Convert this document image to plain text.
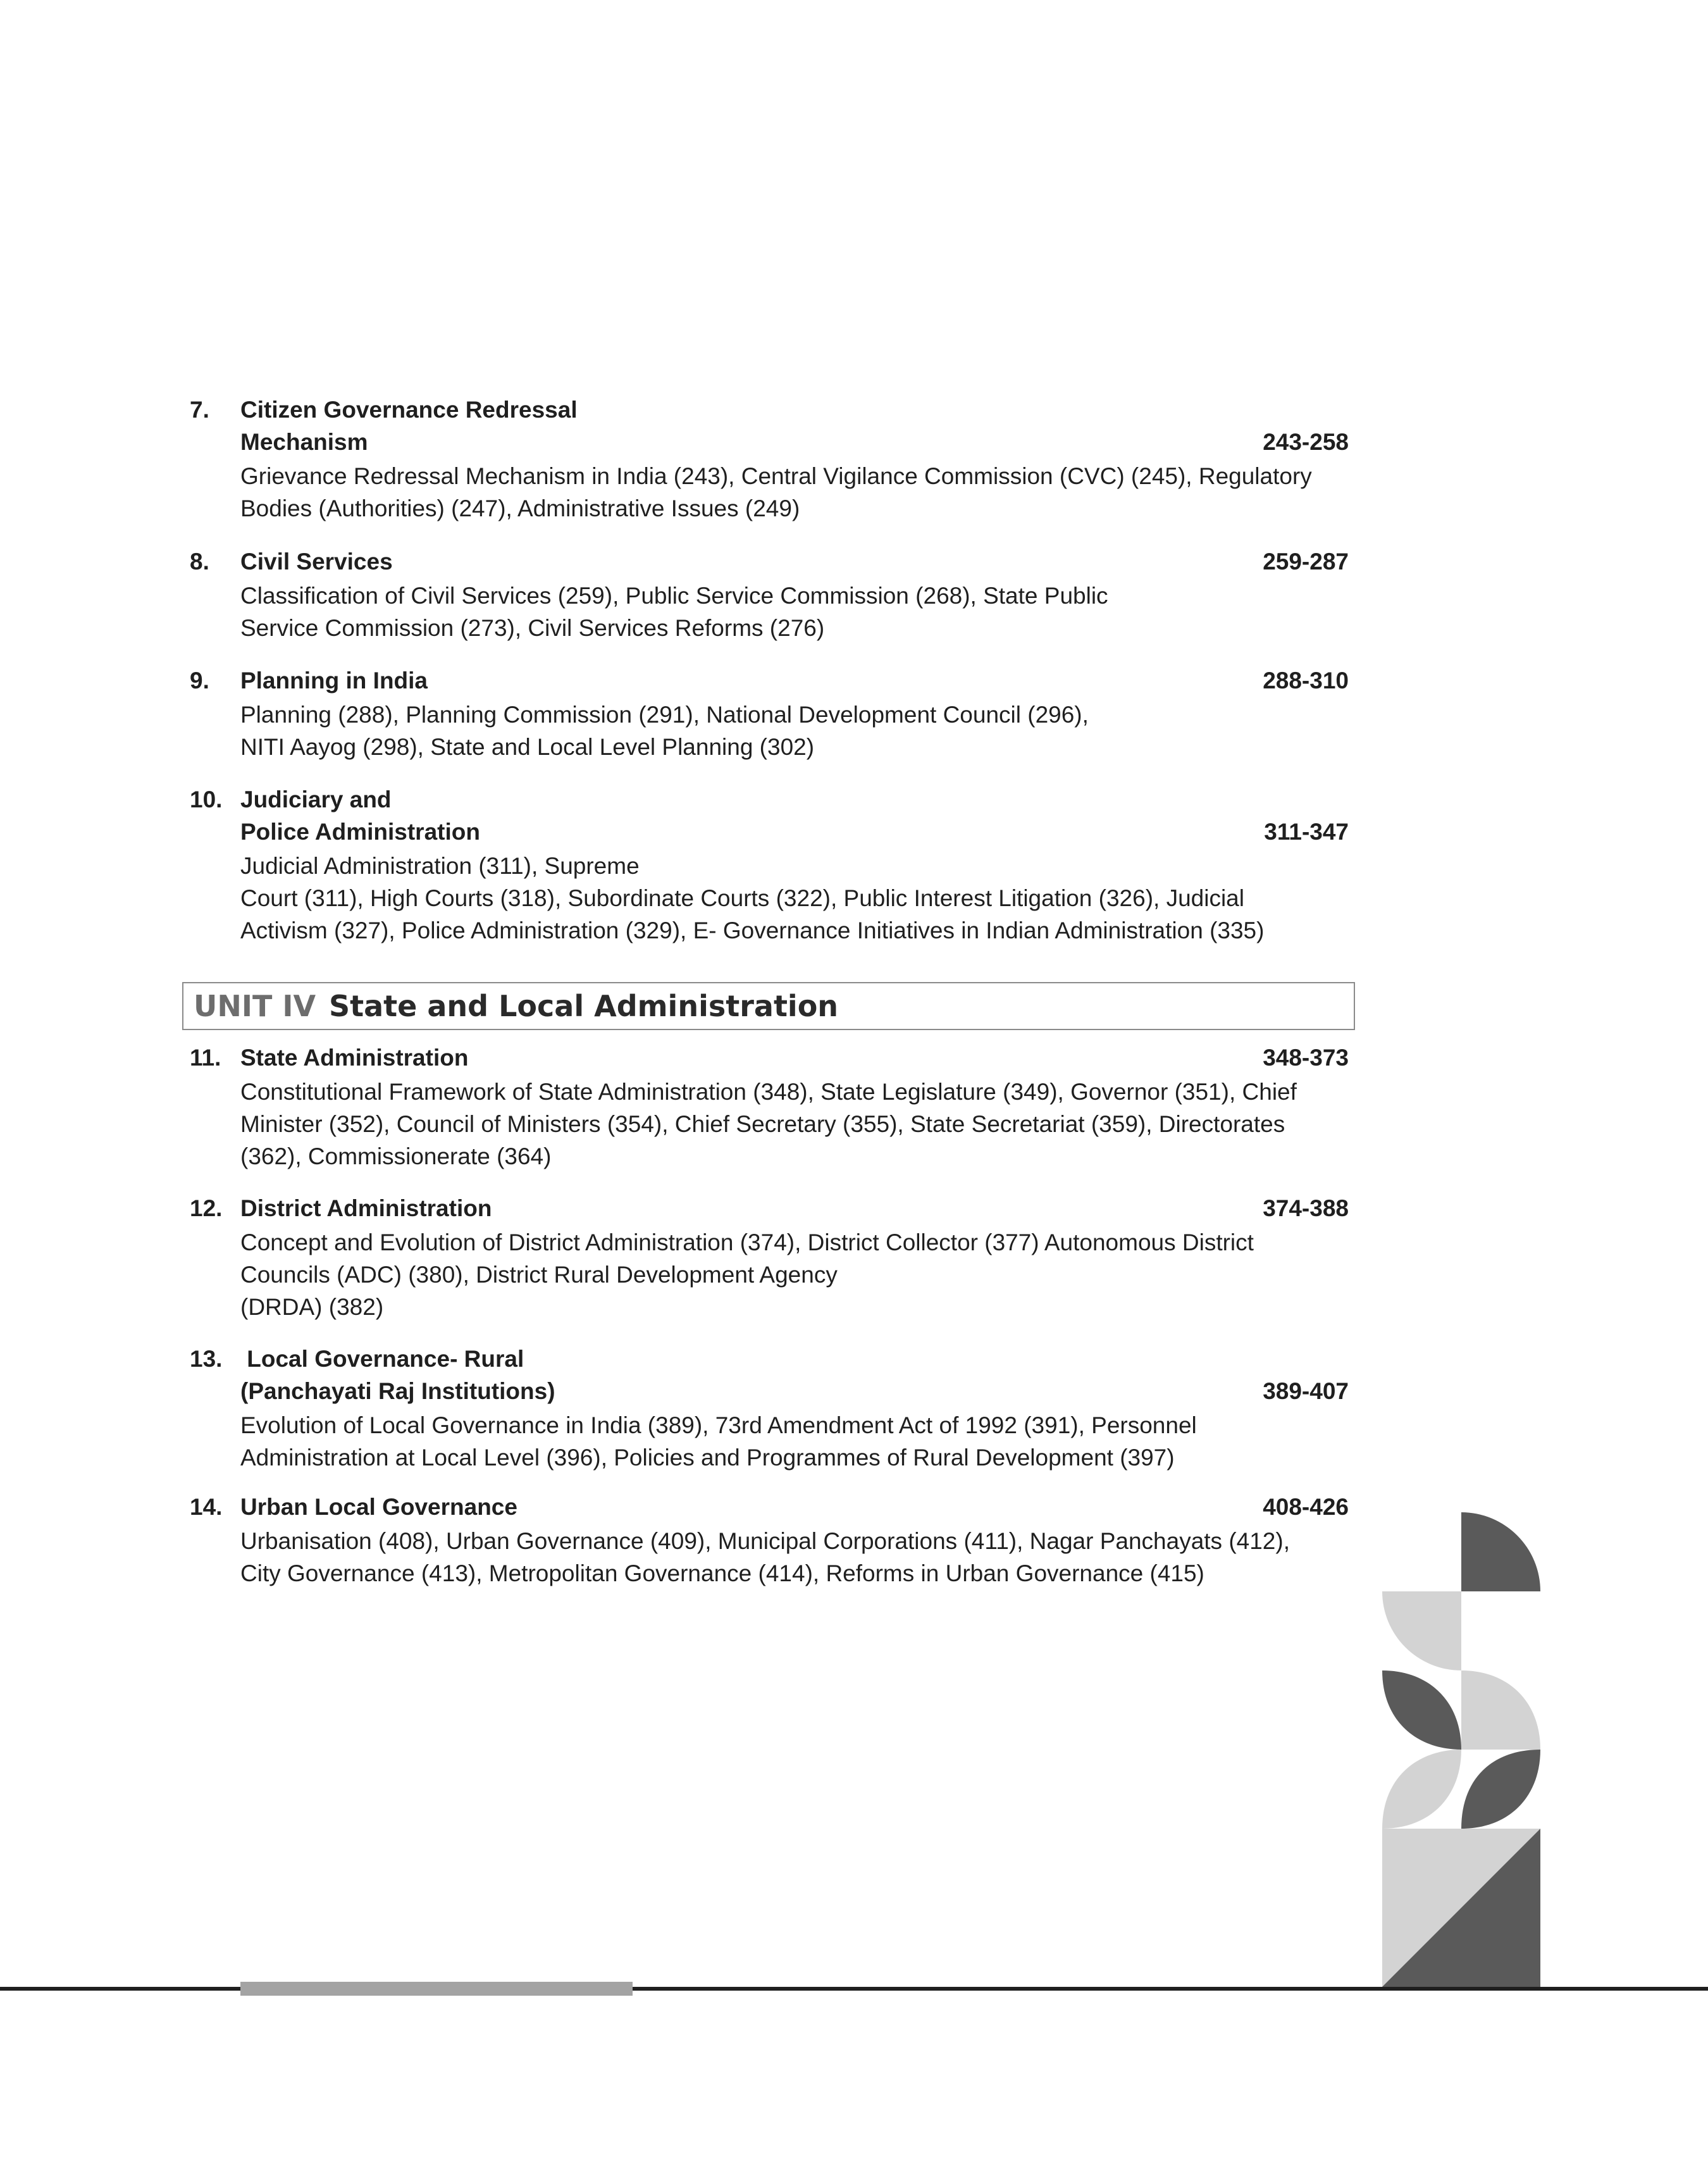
7.	Citizen Governance Redressal
Mechanism	243-258
Grievance Redressal Mechanism in India (243), Central Vigilance Commission (CVC) (245), Regulatory
Bodies (Authorities) (247), Administrative Issues (249)
8.	Civil Services	259-287
Classification of Civil Services (259), Public Service Commission (268), State Public
Service Commission (273), Civil Services Reforms (276)
9.	Planning in India	288-310
Planning (288), Planning Commission (291), National Development Council (296),
NITI Aayog (298), State and Local Level Planning (302)
10. Judiciary and
Police Administration	311-347
Judicial Administration (311), Supreme
Court (311), High Courts (318), Subordinate Courts (322), Public Interest Litigation (326), Judicial
Activism (327), Police Administration (329), E- Governance Initiatives in Indian Administration (335)
UNIT IV State and Local Administration
11. State Administration	348-373
Constitutional Framework of State Administration (348), State Legislature (349), Governor (351), Chief
Minister (352), Council of Ministers (354), Chief Secretary (355), State Secretariat (359), Directorates
(362), Commissionerate (364)
12. District Administration	374-388
Concept and Evolution of District Administration (374), District Collector (377) Autonomous District
Councils (ADC) (380), District Rural Development Agency
(DRDA) (382)
13. Local Governance- Rural
(Panchayati Raj Institutions)	389-407
Evolution of Local Governance in India (389), 73rd Amendment Act of 1992 (391), Personnel
Administration at Local Level (396), Policies and Programmes of Rural Development (397)
14. Urban Local Governance	408-426
Urbanisation (408), Urban Governance (409), Municipal Corporations (411), Nagar Panchayats (412),
City Governance (413), Metropolitan Governance (414), Reforms in Urban Governance (415)
